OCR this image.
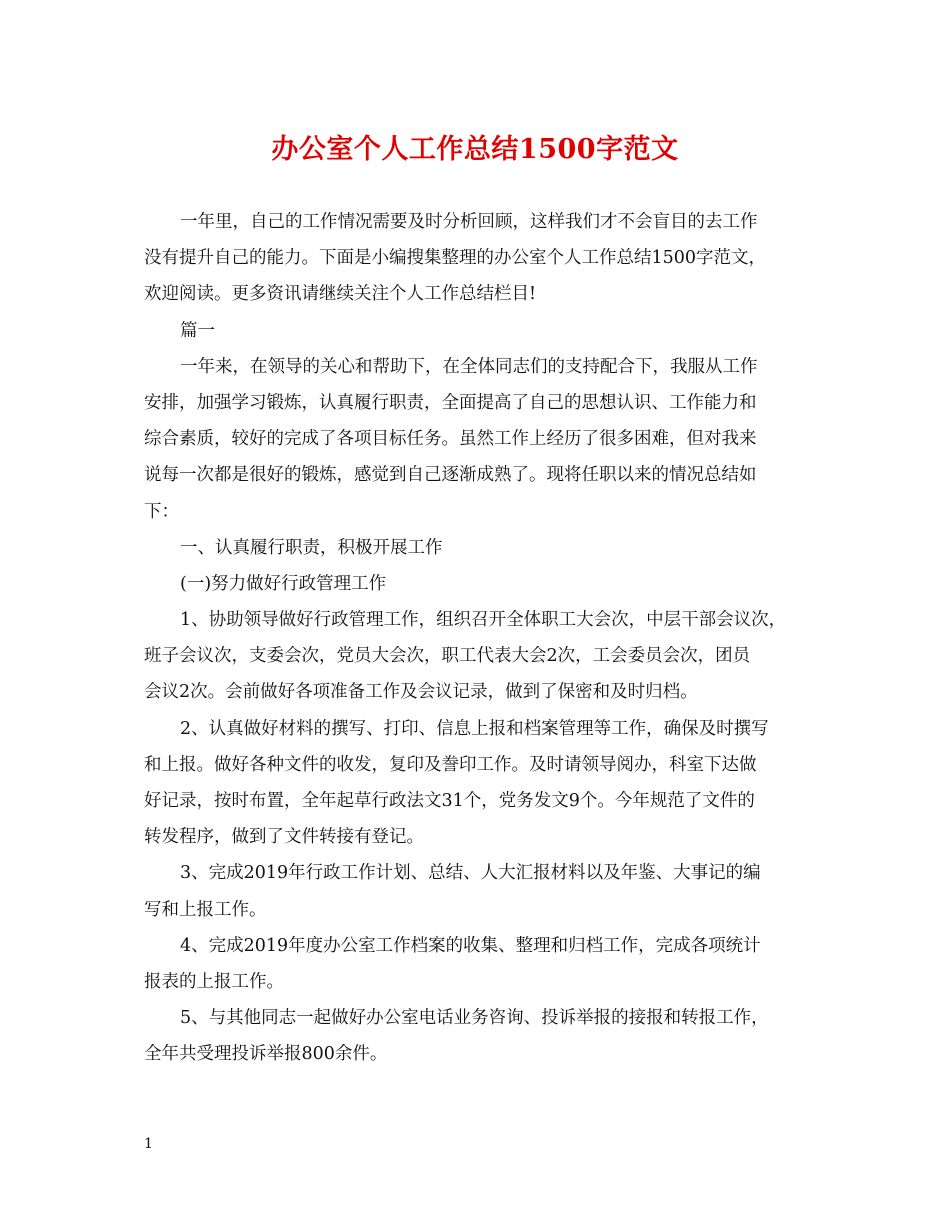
办公室个人工作总结1500字范文
一年里，自己的工作情况需要及时分析回顾，这样我们才不会盲目的去工作
没有提升自己的能力。下面是小编搜集整理的办公室个人工作总结1500字范文，
欢迎阅读。更多资讯请继续关注个人工作总结栏目!
篇一
一年来，在领导的关心和帮助下，在全体同志们的支持配合下，我服从工作
安排，加强学习锻炼，认真履行职责，全面提高了自己的思想认识、工作能力和
综合素质，较好的完成了各项目标任务。虽然工作上经历了很多困难，但对我来
说每一次都是很好的锻炼，感觉到自己逐渐成熟了。现将任职以来的情况总结如
下：
一、认真履行职责，积极开展工作
(一)努力做好行政管理工作
1、协助领导做好行政管理工作，组织召开全体职工大会次，中层干部会议次，
班子会议次，支委会次，党员大会次，职工代表大会2次，工会委员会次，团员
会议2次。会前做好各项准备工作及会议记录，做到了保密和及时归档。
2、认真做好材料的撰写、打印、信息上报和档案管理等工作，确保及时撰写
和上报。做好各种文件的收发，复印及誊印工作。及时请领导阅办，科室下达做
好记录，按时布置，全年起草行政法文31个，党务发文9个。今年规范了文件的
转发程序，做到了文件转接有登记。
3、完成2019年行政工作计划、总结、人大汇报材料以及年鉴、大事记的编
写和上报工作。
4、完成2019年度办公室工作档案的收集、整理和归档工作，完成各项统计
报表的上报工作。
5、与其他同志一起做好办公室电话业务咨询、投诉举报的接报和转报工作，
全年共受理投诉举报800余件。
1
